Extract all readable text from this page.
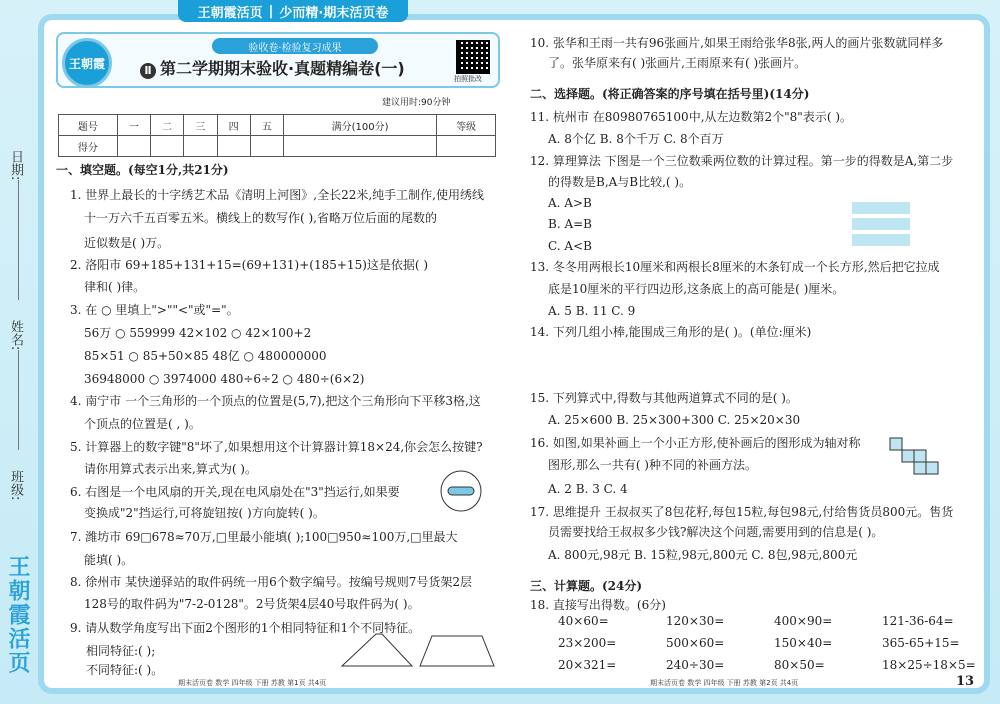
日期:
姓名:
班级:
王朝霞活页
王朝霞活页 | 少而精·期末活页卷
王朝霞	Ⅱ 第二学期期末验收·真题精编卷(一)
拍照批改
验收卷·检验复习成果
建议用时:90分钟
题号	一	二	三	四	五	满分(100分)	等级
得分							
一、填空题。(每空1分,共21分)
1. 世界上最长的十字绣艺术品《清明上河图》,全长22米,纯手工制作,使用绣线
十一万六千五百零五米。横线上的数写作( ),省略万位后面的尾数的
近似数是( )万。
2. 洛阳市 69+185+131+15=(69+131)+(185+15)这是依据( )
律和( )律。
3. 在 ○ 里填上">""<"或"="。
56万 ○ 559999 42×102 ○ 42×100+2
85×51 ○ 85+50×85 48亿 ○ 480000000
36948000 ○ 3974000 480÷6÷2 ○ 480÷(6×2)
4. 南宁市 一个三角形的一个顶点的位置是(5,7),把这个三角形向下平移3格,这
个顶点的位置是( , )。
5. 计算器上的数字键"8"坏了,如果想用这个计算器计算18×24,你会怎么按键?
请你用算式表示出来,算式为( )。
6. 右图是一个电风扇的开关,现在电风扇处在"3"挡运行,如果要
变换成"2"挡运行,可将旋钮按( )方向旋转( )。
7. 潍坊市 69□678≈70万,□里最小能填( );100□950≈100万,□里最大
能填( )。
8. 徐州市 某快递驿站的取件码统一用6个数字编号。按编号规则7号货架2层
128号的取件码为"7-2-0128"。2号货架4层40号取件码为( )。
9. 请从数学角度写出下面2个图形的1个相同特征和1个不同特征。
相同特征:( );
不同特征:( )。
10. 张华和王雨一共有96张画片,如果王雨给张华8张,两人的画片张数就同样多
了。张华原来有( )张画片,王雨原来有( )张画片。
二、选择题。(将正确答案的序号填在括号里)(14分)
11. 杭州市 在80980765100中,从左边数第2个"8"表示( )。
A. 8个亿 B. 8个千万 C. 8个百万
12. 算理算法 下图是一个三位数乘两位数的计算过程。第一步的得数是A,第二步
的得数是B,A与B比较,( )。
A. A>B
B. A=B
C. A<B
13. 冬冬用两根长10厘米和两根长8厘米的木条钉成一个长方形,然后把它拉成
底是10厘米的平行四边形,这条底上的高可能是( )厘米。
A. 5 B. 11 C. 9
14. 下列几组小棒,能围成三角形的是( )。(单位:厘米)
15. 下列算式中,得数与其他两道算式不同的是( )。
A. 25×600 B. 25×300+300 C. 25×20×30
16. 如图,如果补画上一个小正方形,使补画后的图形成为轴对称
图形,那么一共有( )种不同的补画方法。
A. 2 B. 3 C. 4
17. 思维提升 王叔叔买了8包花籽,每包15粒,每包98元,付给售货员800元。售货
员需要找给王叔叔多少钱?解决这个问题,需要用到的信息是( )。
A. 800元,98元 B. 15粒,98元,800元 C. 8包,98元,800元
三、计算题。(24分)
18. 直接写出得数。(6分)
40×60=	120×30=	400×90=	121-36-64=
23×200=	500×60=	150×40=	365-65+15=
20×321=	240÷30=	80×50=	18×25÷18×5=
期末活页卷 数学 四年级 下册 苏教 第1页 共4页	期末活页卷 数学 四年级 下册 苏教 第2页 共4页	13
